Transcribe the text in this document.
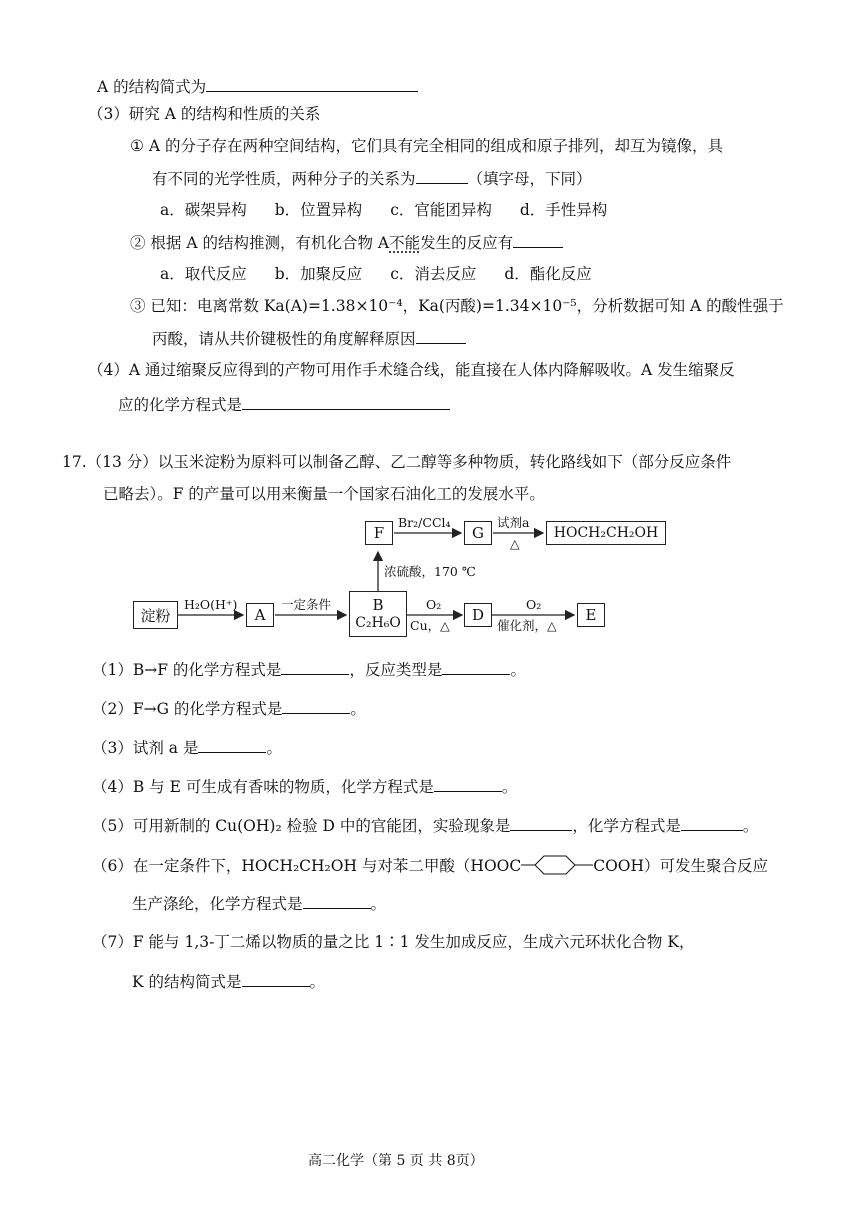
A 的结构简式为
（3）研究 A 的结构和性质的关系
① A 的分子存在两种空间结构，它们具有完全相同的组成和原子排列，却互为镜像，具
有不同的光学性质，两种分子的关系为	（填字母，下同）
a．碳架异构 b．位置异构 c．官能团异构 d．手性异构
② 根据 A 的结构推测，有机化合物 A不能发生的反应有
a．取代反应 b．加聚反应 c．消去反应 d．酯化反应
③ 已知：电离常数 Ka(A)=1.38×10⁻⁴，Ka(丙酸)=1.34×10⁻⁵，分析数据可知 A 的酸性强于
丙酸，请从共价键极性的角度解释原因
（4）A 通过缩聚反应得到的产物可用作手术缝合线，能直接在人体内降解吸收。A 发生缩聚反
应的化学方程式是
17.（13 分）以玉米淀粉为原料可以制备乙醇、乙二醇等多种物质，转化路线如下（部分反应条件
已略去）。F 的产量可以用来衡量一个国家石油化工的发展水平。
淀粉	A
B
C₂H₆O	D	E
F	G	HOCH₂CH₂OH
H₂O(H⁺)	一定条件	O₂
Cu，△
O₂
催化剂，△
浓硫酸，170 ℃
Br₂/CCl₄	试剂a
△
（1）B→F 的化学方程式是	，反应类型是	。
（2）F→G 的化学方程式是	。
（3）试剂 a 是	。
（4）B 与 E 可生成有香味的物质，化学方程式是	。
（5）可用新制的 Cu(OH)₂ 检验 D 中的官能团，实验现象是	，化学方程式是	。
（6）在一定条件下，HOCH₂CH₂OH 与对苯二甲酸（HOOC	COOH）可发生聚合反应
生产涤纶，化学方程式是	。
（7）F 能与 1,3-丁二烯以物质的量之比 1∶1 发生加成反应，生成六元环状化合物 K，
K 的结构简式是	。
高二化学（第 5 页 共 8页）
